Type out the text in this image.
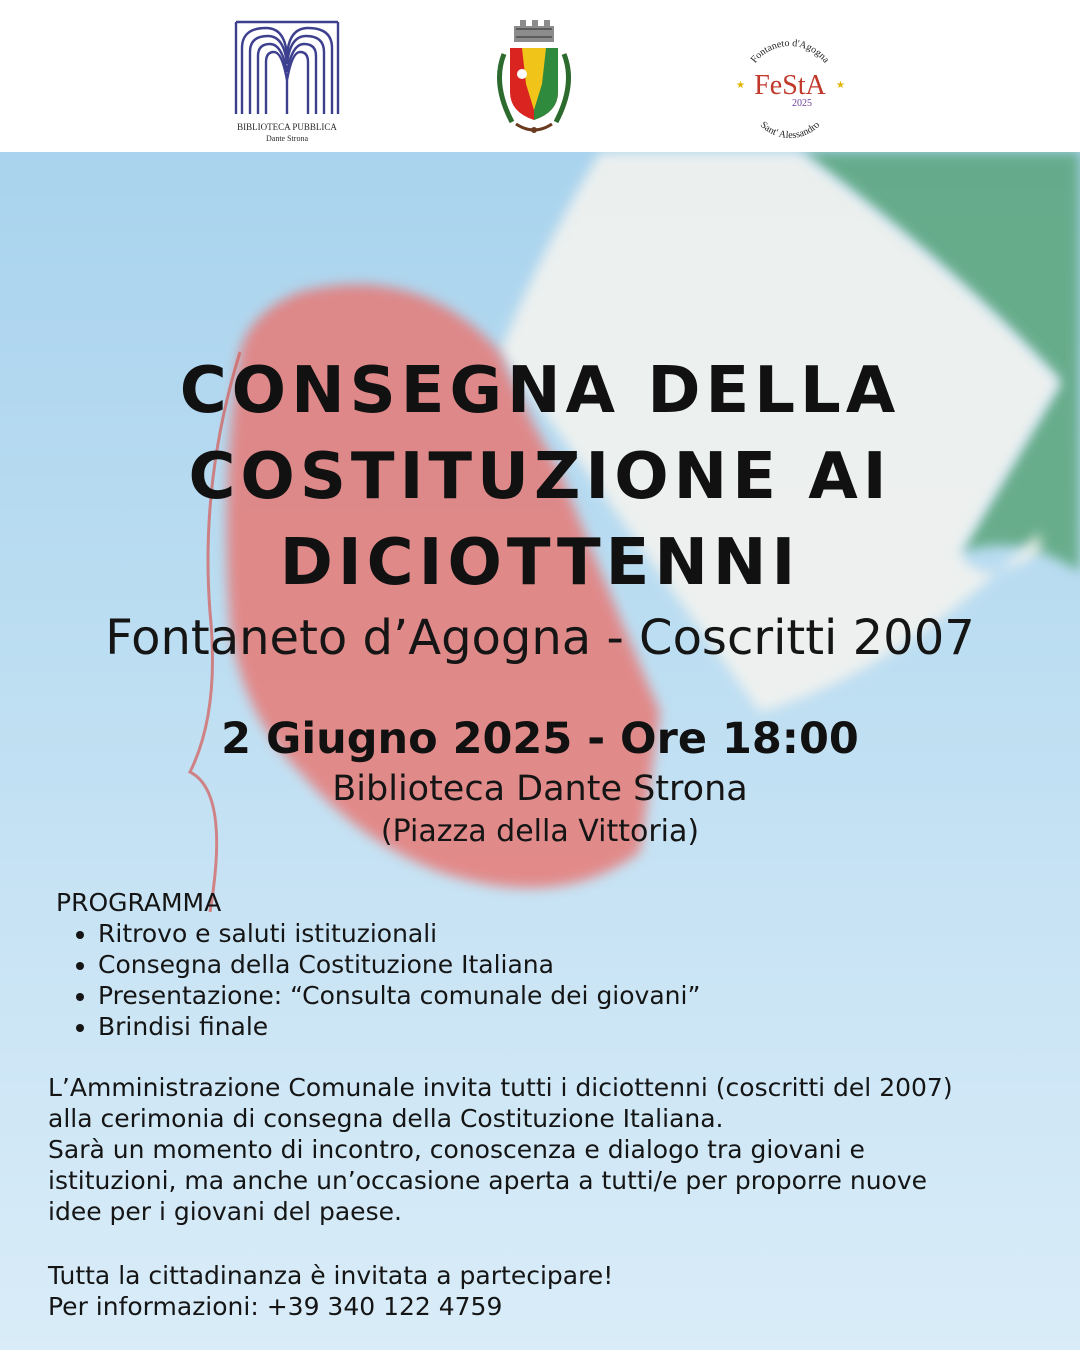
BIBLIOTECA PUBBLICA
Dante Strona
Fontaneto d'Agogna
Sant' Alessandro
FeStA
2025
★	★
CONSEGNA DELLA
COSTITUZIONE AI
DICIOTTENNI
Fontaneto d’Agogna - Coscritti 2007
2 Giugno 2025 - Ore 18:00
Biblioteca Dante Strona
(Piazza della Vittoria)
PROGRAMMA
• Ritrovo e saluti istituzionali
• Consegna della Costituzione Italiana
• Presentazione: “Consulta comunale dei giovani”
• Brindisi finale

L’Amministrazione Comunale invita tutti i diciottenni (coscritti del 2007)

alla cerimonia di consegna della Costituzione Italiana.

Sarà un momento di incontro, conoscenza e dialogo tra giovani e

istituzioni, ma anche un’occasione aperta a tutti/e per proporre nuove

idee per i giovani del paese.

Tutta la cittadinanza è invitata a partecipare!

Per informazioni: +39 340 122 4759
